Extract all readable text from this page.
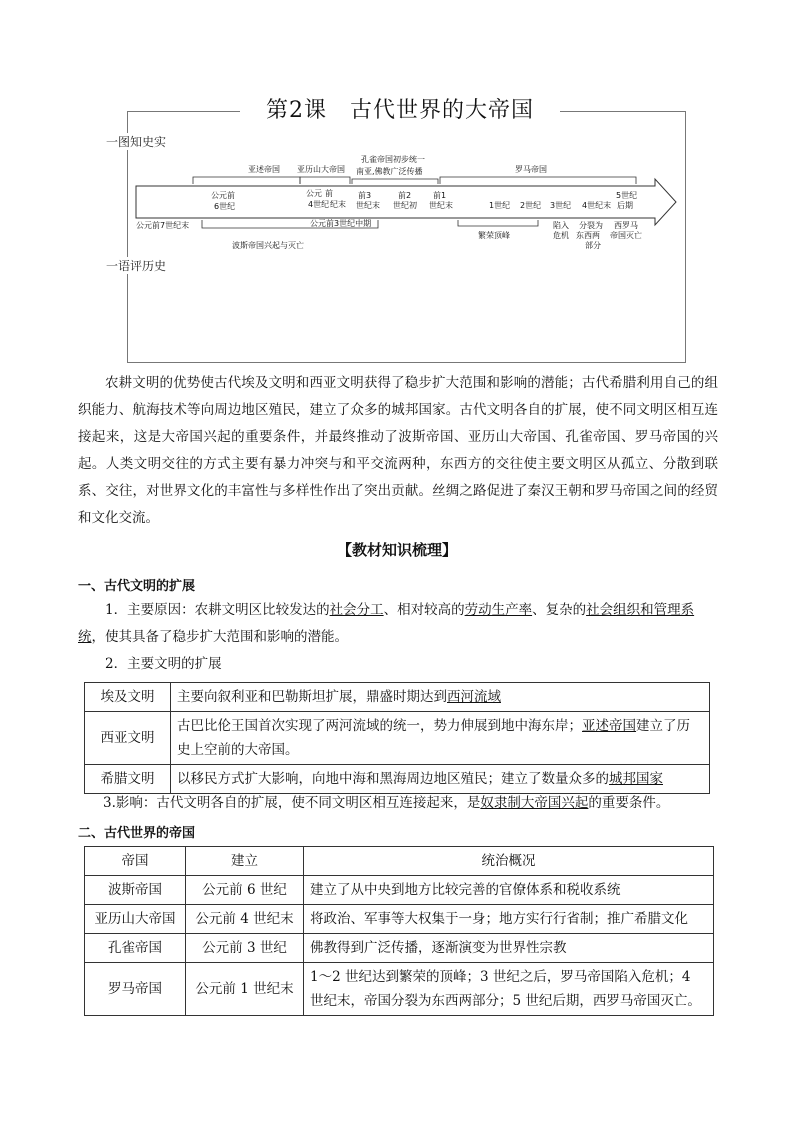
第2课　古代世界的大帝国
一图知史实
一语评历史
亚述帝国 亚历山大帝国
孔雀帝国初步统一
南亚,佛教广泛传播	罗马帝国
公元前
6世纪
公元
4世纪
前
纪末
前3
世纪末
前2
世纪初
前1
世纪末	1世纪 2世纪 3世纪 4世纪末
5世纪
后期
公元前7世纪末	公元前3世纪中期
繁荣顶峰
陷入
危机
分裂为
东西两
部分
西罗马
帝国灭亡
波斯帝国兴起与灭亡
农耕文明的优势使古代埃及文明和西亚文明获得了稳步扩大范围和影响的潜能；古代希腊利用自己的组织能力、航海技术等向周边地区殖民，建立了众多的城邦国家。古代文明各自的扩展，使不同文明区相互连接起来，这是大帝国兴起的重要条件，并最终推动了波斯帝国、亚历山大帝国、孔雀帝国、罗马帝国的兴起。人类文明交往的方式主要有暴力冲突与和平交流两种，东西方的交往使主要文明区从孤立、分散到联系、交往，对世界文化的丰富性与多样性作出了突出贡献。丝绸之路促进了秦汉王朝和罗马帝国之间的经贸和文化交流。
【教材知识梳理】
一、古代文明的扩展
1．主要原因：农耕文明区比较发达的社会分工、相对较高的劳动生产率、复杂的社会组织和管理系统，使其具备了稳步扩大范围和影响的潜能。
2．主要文明的扩展
埃及文明	主要向叙利亚和巴勒斯坦扩展，鼎盛时期达到西河流域
西亚文明	古巴比伦王国首次实现了两河流域的统一，势力伸展到地中海东岸；亚述帝国建立了历史上空前的大帝国。
希腊文明	以移民方式扩大影响，向地中海和黑海周边地区殖民；建立了数量众多的城邦国家
3.影响：古代文明各自的扩展，使不同文明区相互连接起来，是奴隶制大帝国兴起的重要条件。
二、古代世界的帝国
帝国	建立	统治概况
波斯帝国	公元前 6 世纪	建立了从中央到地方比较完善的官僚体系和税收系统
亚历山大帝国	公元前 4 世纪末	将政治、军事等大权集于一身；地方实行行省制；推广希腊文化
孔雀帝国	公元前 3 世纪	佛教得到广泛传播，逐渐演变为世界性宗教
罗马帝国	公元前 1 世纪末	1～2 世纪达到繁荣的顶峰；3 世纪之后，罗马帝国陷入危机；4 世纪末，帝国分裂为东西两部分；5 世纪后期，西罗马帝国灭亡。
